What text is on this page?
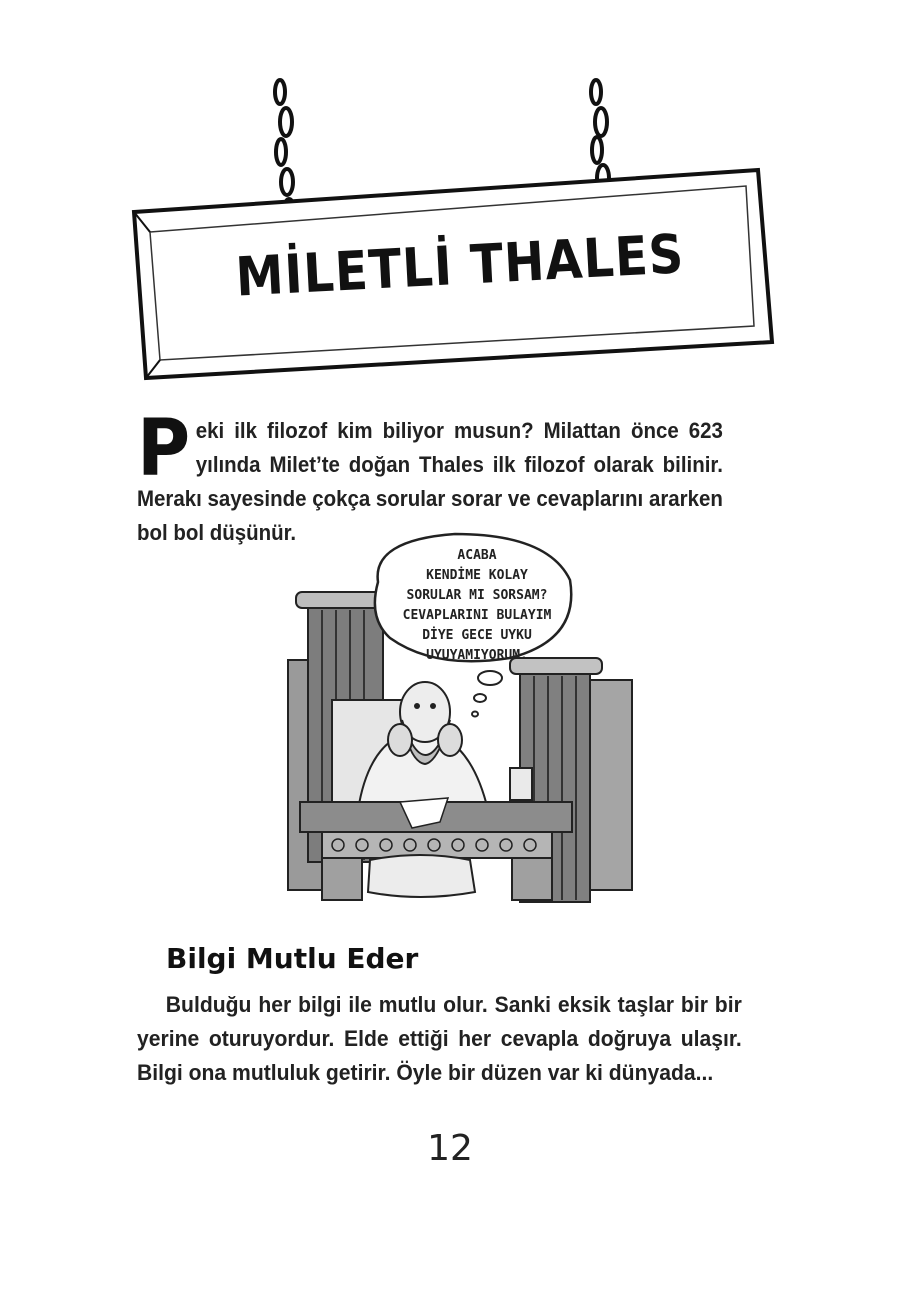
MİLETLİ THALES
Peki ilk filozof kim biliyor musun? Milattan önce 623 yılında Milet’te doğan Thales ilk filozof olarak bilinir. Merakı sayesinde çokça sorular sorar ve cevaplarını ararken bol bol düşünür.
ACABA
KENDİME KOLAY
SORULAR MI SORSAM?
CEVAPLARINI BULAYIM
DİYE GECE UYKU
UYUYAMIYORUM.
Bilgi Mutlu Eder
Bulduğu her bilgi ile mutlu olur. Sanki eksik taşlar bir bir yerine oturuyordur. Elde ettiği her cevapla doğruya ulaşır. Bilgi ona mutluluk getirir. Öyle bir düzen var ki dünyada...
12
